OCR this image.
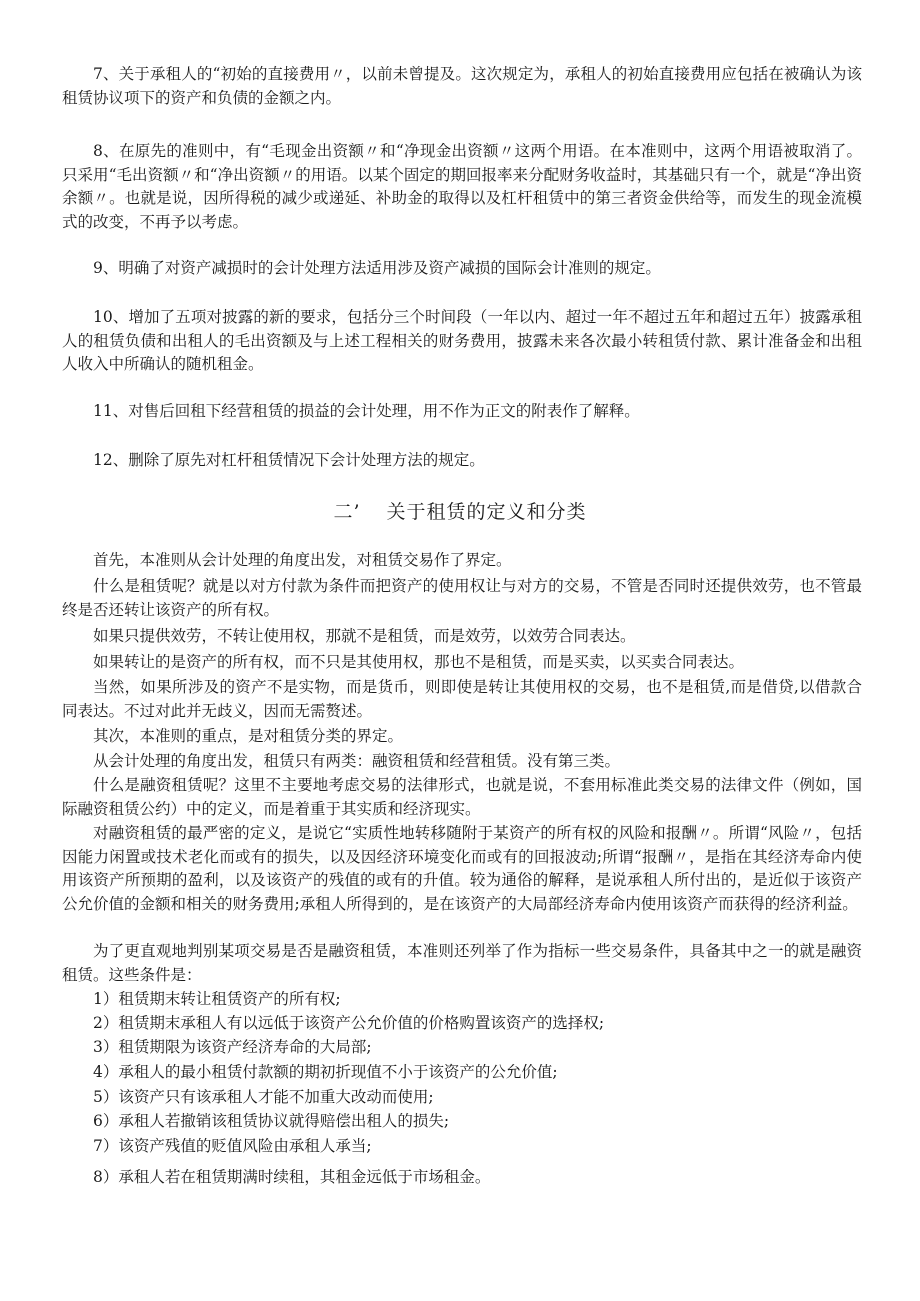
7、关于承租人的“初始的直接费用〃，以前未曾提及。这次规定为，承租人的初始直接费用应包括在被确认为该租赁协议项下的资产和负债的金额之内。

8、在原先的准则中，有“毛现金出资额〃和“净现金出资额〃这两个用语。在本准则中，这两个用语被取消了。只采用“毛出资额〃和“净出资额〃的用语。以某个固定的期回报率来分配财务收益时，其基础只有一个，就是“净出资余额〃。也就是说，因所得税的减少或递延、补助金的取得以及杠杆租赁中的第三者资金供给等，而发生的现金流模式的改变，不再予以考虑。

9、明确了对资产减损时的会计处理方法适用涉及资产减损的国际会计准则的规定。

10、增加了五项对披露的新的要求，包括分三个时间段（一年以内、超过一年不超过五年和超过五年）披露承租人的租赁负债和出租人的毛出资额及与上述工程相关的财务费用，披露未来各次最小转租赁付款、累计准备金和出租人收入中所确认的随机租金。

11、对售后回租下经营租赁的损益的会计处理，用不作为正文的附表作了解释。

12、删除了原先对杠杆租赁情况下会计处理方法的规定。

二’ 关于租赁的定义和分类

首先，本准则从会计处理的角度出发，对租赁交易作了界定。

什么是租赁呢？就是以对方付款为条件而把资产的使用权让与对方的交易，不管是否同时还提供效劳，也不管最终是否还转让该资产的所有权。

如果只提供效劳，不转让使用权，那就不是租赁，而是效劳，以效劳合同表达。

如果转让的是资产的所有权，而不只是其使用权，那也不是租赁，而是买卖，以买卖合同表达。

当然，如果所涉及的资产不是实物，而是货币，则即使是转让其使用权的交易，也不是租赁,而是借贷,以借款合同表达。不过对此并无歧义，因而无需赘述。

其次，本准则的重点，是对租赁分类的界定。

从会计处理的角度出发，租赁只有两类：融资租赁和经营租赁。没有第三类。

什么是融资租赁呢？这里不主要地考虑交易的法律形式，也就是说，不套用标准此类交易的法律文件（例如，国际融资租赁公约）中的定义，而是着重于其实质和经济现实。

对融资租赁的最严密的定义，是说它“实质性地转移随附于某资产的所有权的风险和报酬〃。所谓“风险〃，包括因能力闲置或技术老化而或有的损失，以及因经济环境变化而或有的回报波动;所谓“报酬〃，是指在其经济寿命内使用该资产所预期的盈利，以及该资产的残值的或有的升值。较为通俗的解释，是说承租人所付出的，是近似于该资产公允价值的金额和相关的财务费用;承租人所得到的，是在该资产的大局部经济寿命内使用该资产而获得的经济利益。

为了更直观地判别某项交易是否是融资租赁，本准则还列举了作为指标一些交易条件，具备其中之一的就是融资租赁。这些条件是：

1）租赁期末转让租赁资产的所有权;

2）租赁期末承租人有以远低于该资产公允价值的价格购置该资产的选择权;

3）租赁期限为该资产经济寿命的大局部;

4）承租人的最小租赁付款额的期初折现值不小于该资产的公允价值;

5）该资产只有该承租人才能不加重大改动而使用;

6）承租人若撤销该租赁协议就得赔偿出租人的损失;

7）该资产残值的贬值风险由承租人承当;

8）承租人若在租赁期满时续租，其租金远低于市场租金。
